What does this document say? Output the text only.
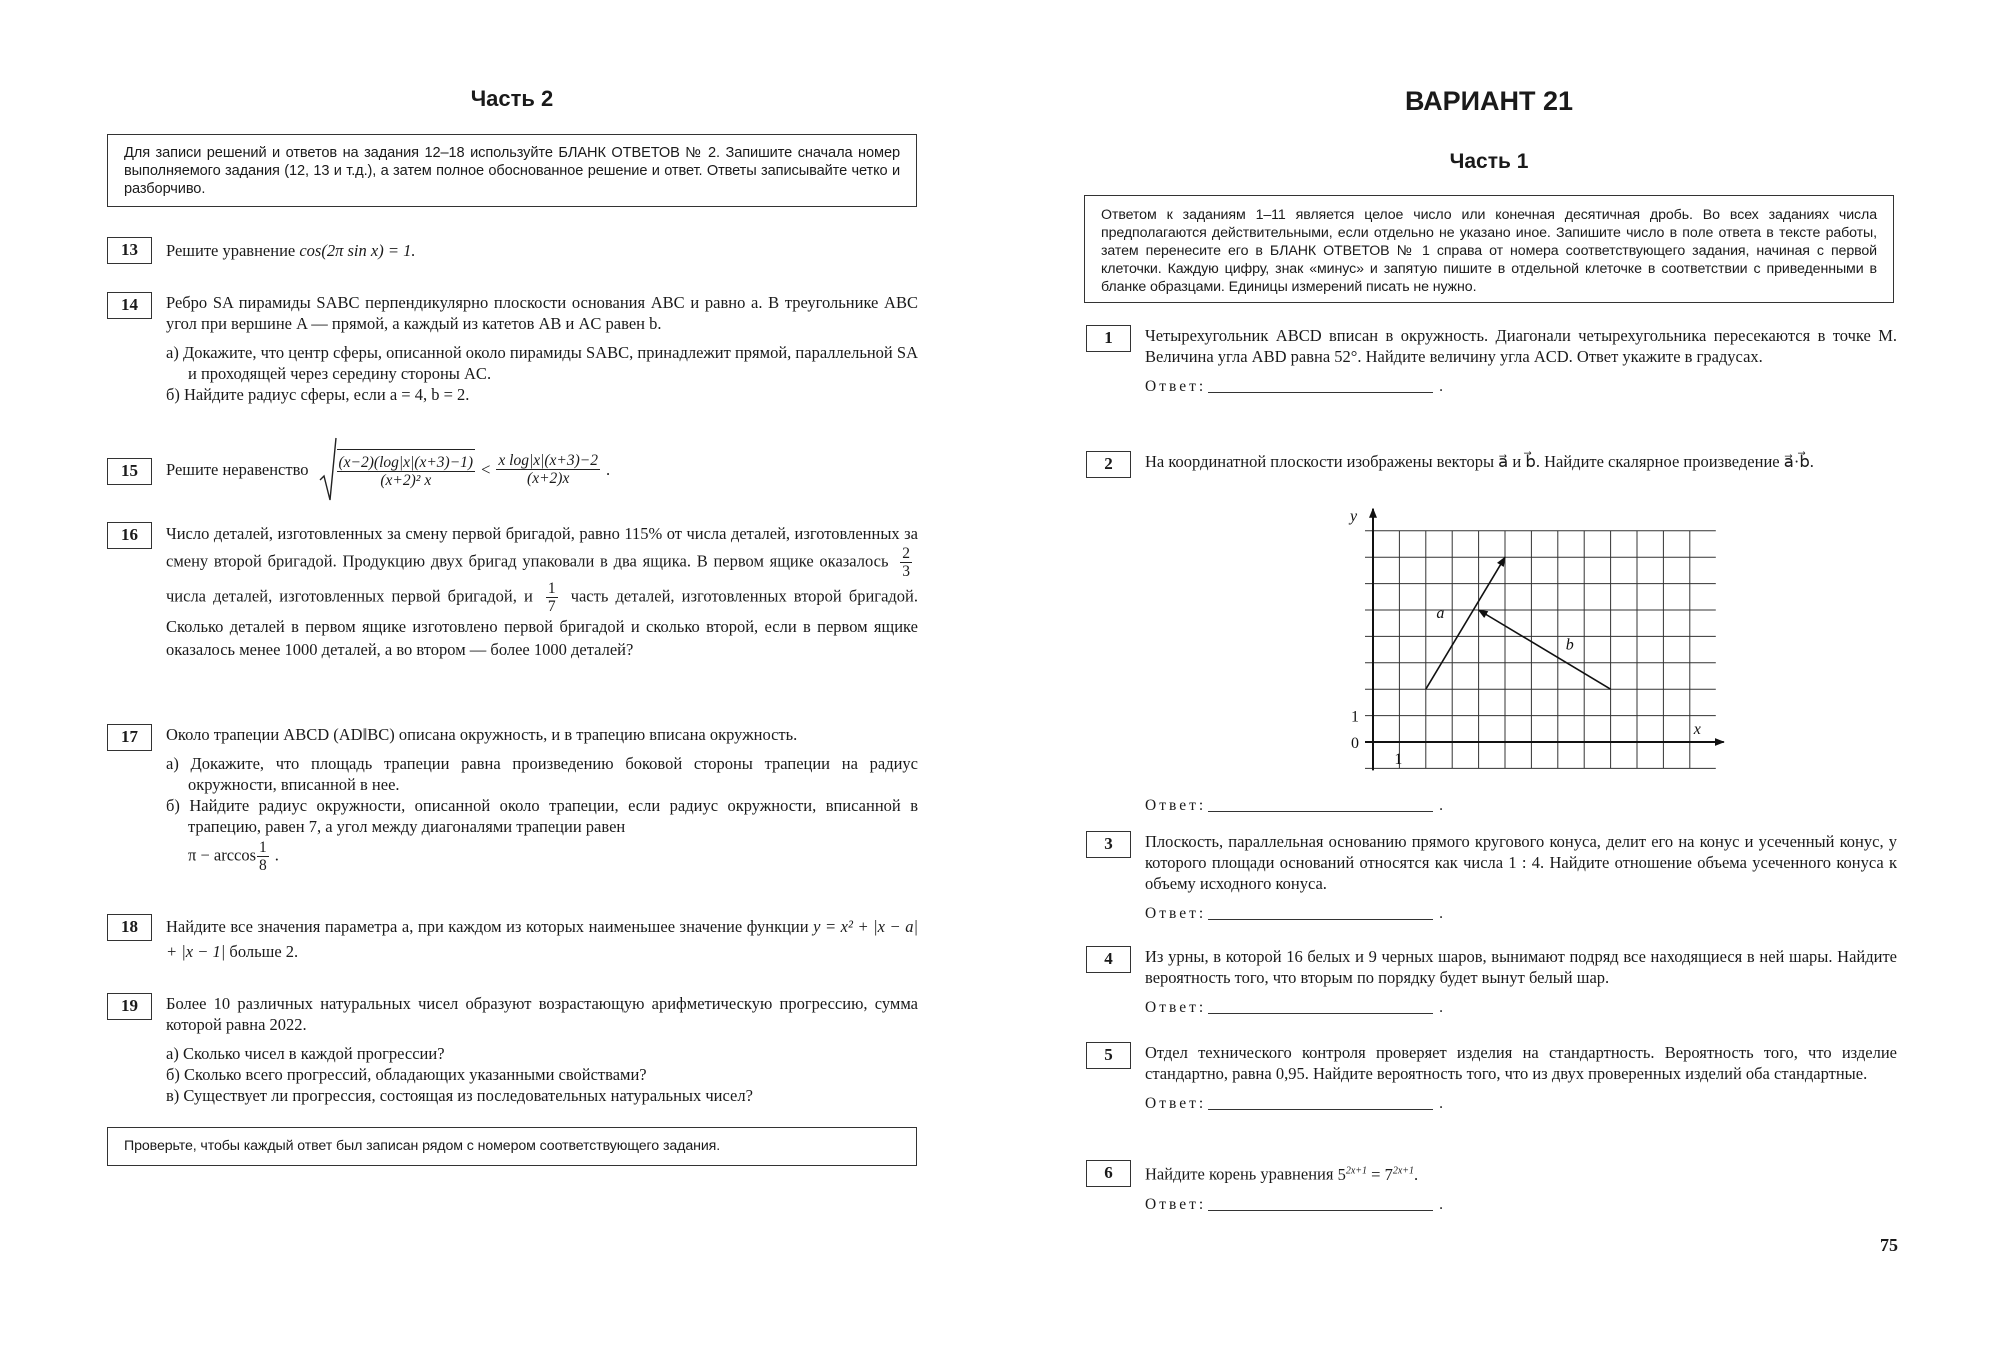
Часть 2
Для записи решений и ответов на задания 12–18 используйте БЛАНК ОТВЕТОВ № 2. Запишите сначала номер выполняемого задания (12, 13 и т.д.), а затем полное обоснованное решение и ответ. Ответы записывайте четко и разборчиво.
13	Решите уравнение cos(2π sin x) = 1.
14	Ребро SA пирамиды SABC перпендикулярно плоскости основания ABC и равно a. В треугольнике ABC угол при вершине A — прямой, а каждый из катетов AB и AC равен b.
а) Докажите, что центр сферы, описанной около пирамиды SABC, принадлежит прямой, параллельной SA и проходящей через середину стороны AC.
б) Найдите радиус сферы, если a = 4, b = 2.
15	Решите неравенство $\frac{(x-2)(\log|x|(x+3)-1)}{\text{(x+2)² x}} < \frac{\text{x log|x|(x+3)−2}}{(x+2)x}$ .
16	Число деталей, изготовленных за смену первой бригадой, равно 115% от числа деталей, изготовленных за смену второй бригадой. Продукцию двух бригад упаковали в два ящика. В первом ящике оказалось $\frac{2}{3}$
числа деталей, изготовленных первой бригадой, и $\frac{1}{7}$ часть деталей, изготовленных второй бригадой. Сколько деталей в первом ящике изготовлено первой бригадой и сколько второй, если в первом ящике оказалось менее 1000 деталей, а во втором — более 1000 деталей?
17	Около трапеции ABCD (AD‖BC) описана окружность, и в трапецию вписана окружность.
а) Докажите, что площадь трапеции равна произведению боковой стороны трапеции на радиус окружности, вписанной в нее.
б) Найдите радиус окружности, описанной около трапеции, если радиус окружности, вписанной в трапецию, равен 7, а угол между диагоналями трапеции равен
$\pi - \arccos \frac{1}{8}$ .
18	Найдите все значения параметра a, при каждом из которых наименьшее значение функции y = x² + |x − a| + |x − 1| больше 2.
19	Более 10 различных натуральных чисел образуют возрастающую арифметическую прогрессию, сумма которой равна 2022.
а) Сколько чисел в каждой прогрессии?
б) Сколько всего прогрессий, обладающих указанными свойствами?
в) Существует ли прогрессия, состоящая из последовательных натуральных чисел?
Проверьте, чтобы каждый ответ был записан рядом с номером соответствующего задания.
ВАРИАНТ 21
Часть 1
Ответом к заданиям 1–11 является целое число или конечная десятичная дробь. Во всех заданиях числа предполагаются действительными, если отдельно не указано иное. Запишите число в поле ответа в тексте работы, затем перенесите его в БЛАНК ОТВЕТОВ № 1 справа от номера соответствующего задания, начиная с первой клеточки. Каждую цифру, знак «минус» и запятую пишите в отдельной клеточке в соответствии с приведенными в бланке образцами. Единицы измерений писать не нужно.
1	Четырехугольник ABCD вписан в окружность. Диагонали четырехугольника пересекаются в точке M. Величина угла ABD равна 52°. Найдите величину угла ACD. Ответ укажите в градусах.
Ответ:	.
2	На координатной плоскости изображены векторы a⃗ и b⃗. Найдите скалярное произведение a⃗·b⃗.
y
x
0
1
1
a⃗
b⃗
Ответ:	.
3	Плоскость, параллельная основанию прямого кругового конуса, делит его на конус и усеченный конус, у которого площади оснований относятся как числа 1 : 4. Найдите отношение объема усеченного конуса к объему исходного конуса.
Ответ:	.
4	Из урны, в которой 16 белых и 9 черных шаров, вынимают подряд все находящиеся в ней шары. Найдите вероятность того, что вторым по порядку будет вынут белый шар.
Ответ:	.
5	Отдел технического контроля проверяет изделия на стандартность. Вероятность того, что изделие стандартно, равна 0,95. Найдите вероятность того, что из двух проверенных изделий оба стандартные.
Ответ:	.
6	Найдите корень уравнения $5^{2x+1} = 7^{2x+1}$.
Ответ:	.
75
